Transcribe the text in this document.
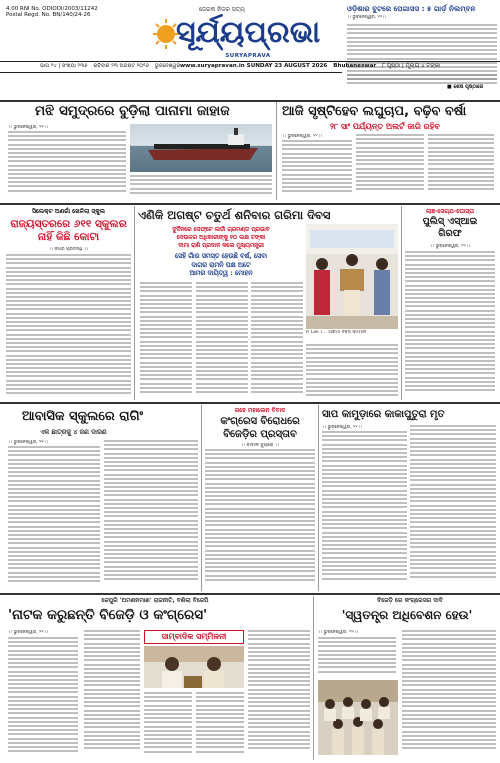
4.00 RNI No. ODIODI/2003/11242
Postal Regd. No. BN/140/24-26
ଜେରକ ନିଜର ସତ୍ୟ
ସୂର୍ଯ୍ୟପ୍ରଭା
SURYAPRAVA
ଓଡ଼ିଶାର ବୁଟରେ ପେଗାସସ : ୫ ଗାର୍ଡ଼ ନିଲମ୍ବନ
।। ଭୁବନେଶ୍ୱର, ୨୨।।
■ ଶେଷ ପୃଷ୍ଠାରେ
ଭାଗ ୨୪ | ସଂଖ୍ୟା ୨୩୬ ରବିବାର ୨୩ ଅଗଷ୍ଟ ୨୦୨୬ ଭୁବନେଶ୍ୱର www.suryapravan.in SUNDAY 23 AUGUST 2026 Bhubaneswar ୮ ପୃଷ୍ଠା | ମୂଲ୍ୟ ୪ ଟଙ୍କା
ମଝି ସମୁଦ୍ରରେ ବୁଡ଼ିଲା ପାନାମା ଜାହାଜ
।। ଭୁବନେଶ୍ୱର, ୨୨।।
ଆଜି ସୃଷ୍ଟିହେବ ଲଘୁଚାପ, ବଢ଼ିବ ବର୍ଷା
୨୮ ସାଂ ପର୍ଯ୍ୟନ୍ତ ଅଲର୍ଟ ଜାରି ରହିବ
।। ଭୁବନେଶ୍ୱର, ୨୨।।
ସିଲେକ୍ଟ ଅଣଗାଁ ଖେଳିଲା ସ୍କୁଲ
ରାଜ୍ୟସ୍ତରରେ ୬୧୧ ସ୍କୁଲର
ନାହିଁ କିଛି କୋଟା
।। ନଗର ପ୍ରତିନିଧି ।।
ଏଣିକି ଅଗଷ୍ଟ ଚତୁର୍ଥ ଶନିବାର ଗରିମା ଦିବସ
ଦୁର୍ଦିନରେ ସେଫ୍ଟେ ଲର୍ଡୀ ଗ୍ରମଣ୍ଡ ପ୍ରଭାବ
ଦେଉଳର ଅଧିକାରୀଙ୍କୁ ୧୦ ଲକ୍ଷ ଟଙ୍କା
ଦାମା ରାଶି ପ୍ରଦାନ କଲେ ମୁଖ୍ୟମନ୍ତ୍ରୀ
ସେହି ଗାଁର ସମସ୍ତ ହେଉଛି ବର୍ଷ, ସେବା
ଦାଗର ରାମନି ପକ୍ଷ ଅଟେ
ଆମର ଦାୟିତ୍ୱ : ମୋହନ
P. Lok T... ଗରିମା ଦିବସ ସମ୍ମାନ
ଲାଞ୍ଚ-ସେଗ୍ଯ-ଘୋସ୍ତା
ପୁଲିସ୍ ଏସ୍‌ଆଇ
ଗିରଫ
।। ଭୁବନେଶ୍ୱର, ୨୨।।
ଆବାସିକ ସ୍କୁଲରେ ରାଗିଂ
ଏକ ଛାତ୍ରକୁ ୪ ଜଣ ଦାରଣ
।। ଭୁବନେଶ୍ୱର, ୨୨।।
ରହେ ମହାଲେନ ବିବାଦ
କଂଗ୍ରେସ ବିରୋଧରେ
ବିଜେଡ଼ିର ପ୍ରସ୍ତାବ
।। ବାଦାଲି ବ୍ୟୁରୋ ।।
ସାପ କାମୁଡ଼ାରେ କାକାପୁତୁରା ମୃତ
।। ଭୁବନେଶ୍ୱର, ୨୨।।
ଜେପୁରି 'ଅମଣନମାଣ' ରାଜନୀତି, ବଣିଲା ବିଜେପି
'ନାଟକ କରୁଛନ୍ତି ବିଜେଡ଼ି ଓ କଂଗ୍ରେସ'
।। ଭୁବନେଶ୍ୱର, ୨୨।।	ସାମ୍ବାଦିକ ସମ୍ମିଳନୀ
ବିଜେଡ଼ି ରେ କଂଗ୍ରେସର ଦାବି
'ସ୍ୱତନ୍ତ୍ର ଅଧିବେଶନ ହେଉ'
।। ଭୁବନେଶ୍ୱର, ୨୨।।
